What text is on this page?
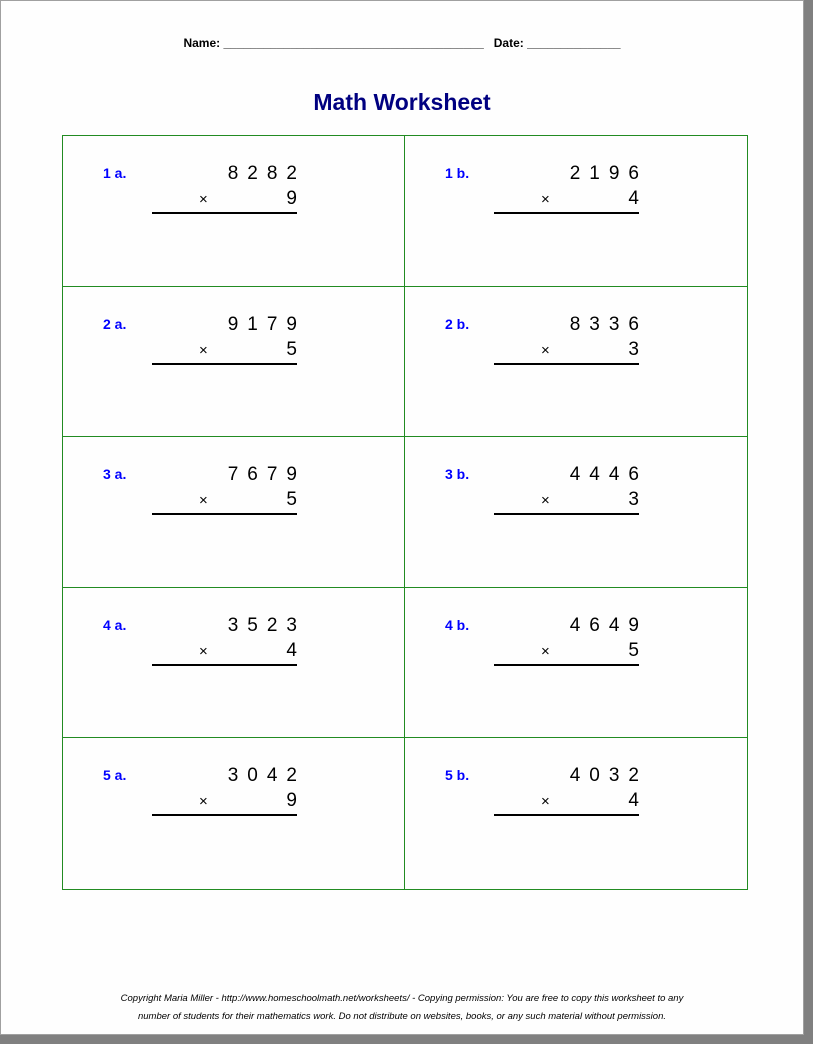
Name: _______________________________________ Date: ______________
Math Worksheet
1 a.	8282
×	9
1 b.	2196
×	4
2 a.	9179
×	5
2 b.	8336
×	3
3 a.	7679
×	5
3 b.	4446
×	3
4 a.	3523
×	4
4 b.	4649
×	5
5 a.	3042
×	9
5 b.	4032
×	4
Copyright Maria Miller - http://www.homeschoolmath.net/worksheets/ - Copying permission: You are free to copy this worksheet to any
number of students for their mathematics work. Do not distribute on websites, books, or any such material without permission.
